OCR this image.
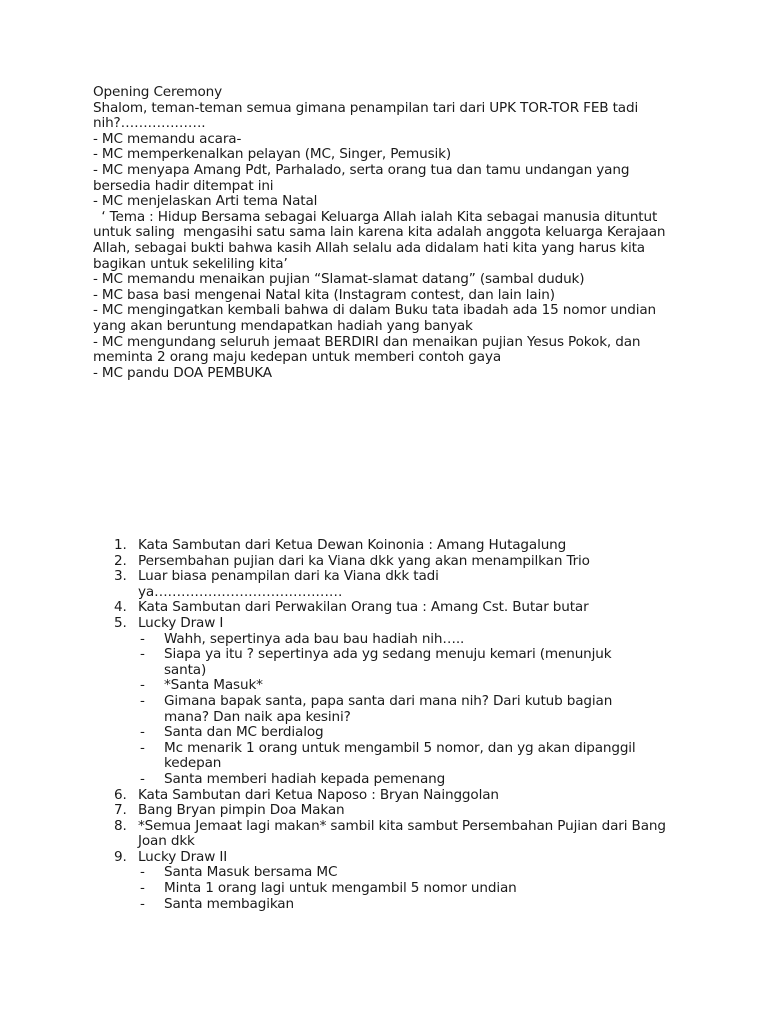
Opening Ceremony

Shalom, teman-teman semua gimana penampilan tari dari UPK TOR-TOR FEB tadi nih?……………….

- MC memandu acara-

- MC memperkenalkan pelayan (MC, Singer, Pemusik)

- MC menyapa Amang Pdt, Parhalado, serta orang tua dan tamu undangan yang bersedia hadir ditempat ini

- MC menjelaskan Arti tema Natal

‘ Tema : Hidup Bersama sebagai Keluarga Allah ialah Kita sebagai manusia dituntut untuk saling  mengasihi satu sama lain karena kita adalah anggota keluarga Kerajaan Allah, sebagai bukti bahwa kasih Allah selalu ada didalam hati kita yang harus kita bagikan untuk sekeliling kita’

- MC memandu menaikan pujian “Slamat-slamat datang” (sambal duduk)

- MC basa basi mengenai Natal kita (Instagram contest, dan lain lain)

- MC mengingatkan kembali bahwa di dalam Buku tata ibadah ada 15 nomor undian yang akan beruntung mendapatkan hadiah yang banyak

- MC mengundang seluruh jemaat BERDIRI dan menaikan pujian Yesus Pokok, dan meminta 2 orang maju kedepan untuk memberi contoh gaya

- MC pandu DOA PEMBUKA

1. Kata Sambutan dari Ketua Dewan Koinonia : Amang Hutagalung
2. Persembahan pujian dari ka Viana dkk yang akan menampilkan Trio
3. Luar biasa penampilan dari ka Viana dkk tadi ya……………………………………
4. Kata Sambutan dari Perwakilan Orang tua : Amang Cst. Butar butar
5. Lucky Draw I
-	Wahh, sepertinya ada bau bau hadiah nih…..
-	Siapa ya itu ? sepertinya ada yg sedang menuju kemari (menunjuk santa)
-	*Santa Masuk*
-	Gimana bapak santa, papa santa dari mana nih? Dari kutub bagian mana? Dan naik apa kesini?
-	Santa dan MC berdialog
-	Mc menarik 1 orang untuk mengambil 5 nomor, dan yg akan dipanggil kedepan
-	Santa memberi hadiah kepada pemenang
6. Kata Sambutan dari Ketua Naposo : Bryan Nainggolan
7. Bang Bryan pimpin Doa Makan
8. *Semua Jemaat lagi makan* sambil kita sambut Persembahan Pujian dari Bang Joan dkk
9. Lucky Draw II
-	Santa Masuk bersama MC
-	Minta 1 orang lagi untuk mengambil 5 nomor undian
-	Santa membagikan
